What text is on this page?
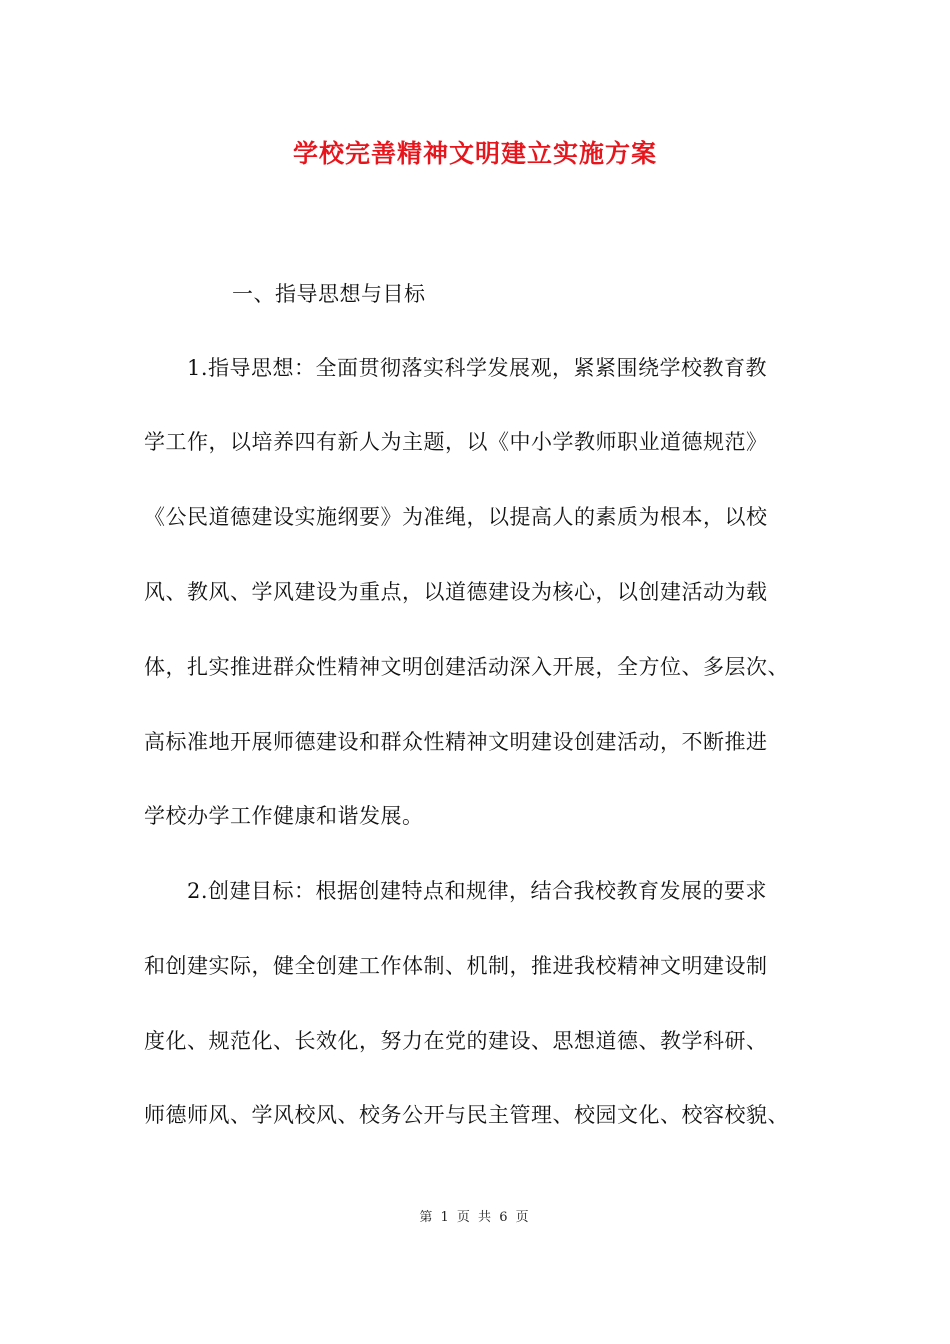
学校完善精神文明建立实施方案
一、指导思想与目标
1.指导思想：全面贯彻落实科学发展观，紧紧围绕学校教育教
学工作，以培养四有新人为主题，以《中小学教师职业道德规范》
《公民道德建设实施纲要》为准绳，以提高人的素质为根本，以校
风、教风、学风建设为重点，以道德建设为核心，以创建活动为载
体，扎实推进群众性精神文明创建活动深入开展，全方位、多层次、
高标准地开展师德建设和群众性精神文明建设创建活动，不断推进
学校办学工作健康和谐发展。
2.创建目标：根据创建特点和规律，结合我校教育发展的要求
和创建实际，健全创建工作体制、机制，推进我校精神文明建设制
度化、规范化、长效化，努力在党的建设、思想道德、教学科研、
师德师风、学风校风、校务公开与民主管理、校园文化、校容校貌、
第 1 页 共 6 页
